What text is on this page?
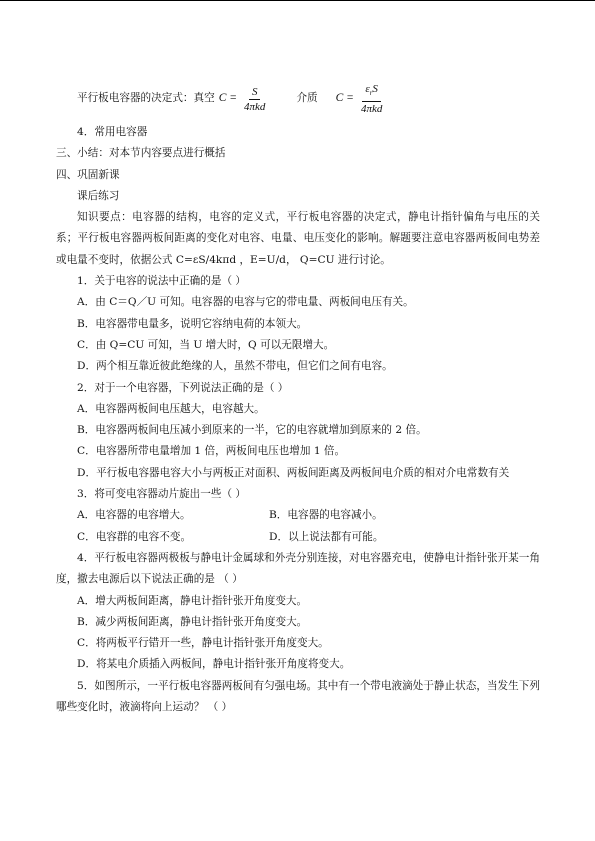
平行板电容器的决定式：真空 $C = \frac{S}{\text{4πkd}}$	介质 $C = \frac{\varepsilon_rS}{\text{4πkd}}$
4．常用电容器
三、小结：对本节内容要点进行概括
四、巩固新课
课后练习
知识要点：电容器的结构，电容的定义式，平行板电容器的决定式，静电计指针偏角与电压的关系；平行板电容器两板间距离的变化对电容、电量、电压变化的影响。解题要注意电容器两板间电势差或电量不变时，依据公式 C=εS/4kπd ，E=U/d， Q=CU 进行讨论。
1．关于电容的说法中正确的是（ ）
A．由 C＝Q／U 可知。电容器的电容与它的带电量、两板间电压有关。
B．电容器带电量多，说明它容纳电荷的本领大。
C．由 Q=CU 可知，当 U 增大时，Q 可以无限增大。
D．两个相互靠近彼此绝缘的人，虽然不带电，但它们之间有电容。
2．对于一个电容器，下列说法正确的是（ ）
A．电容器两板间电压越大，电容越大。
B．电容器两板间电压减小到原来的一半，它的电容就增加到原来的 2 倍。
C．电容器所带电量增加 1 倍，两板间电压也增加 1 倍。
D．平行板电容器电容大小与两板正对面积、两板间距离及两板间电介质的相对介电常数有关
3．将可变电容器动片旋出一些（ ）
A．电容器的电容增大。	B．电容器的电容减小。
C．电容群的电容不变。	D．以上说法都有可能。
4．平行板电容器两极板与静电计金属球和外壳分别连接，对电容器充电，使静电计指针张开某一角度，撤去电源后以下说法正确的是 （ ）
A．增大两板间距离，静电计指针张开角度变大。
B．减少两板间距离，静电计指针张开角度变大。
C．将两板平行错开一些，静电计指针张开角度变大。
D．将某电介质插入两板间，静电计指针张开角度将变大。
5．如图所示，一平行板电容器两板间有匀强电场。其中有一个带电液滴处于静止状态，当发生下列哪些变化时，液滴将向上运动？ （ ）
